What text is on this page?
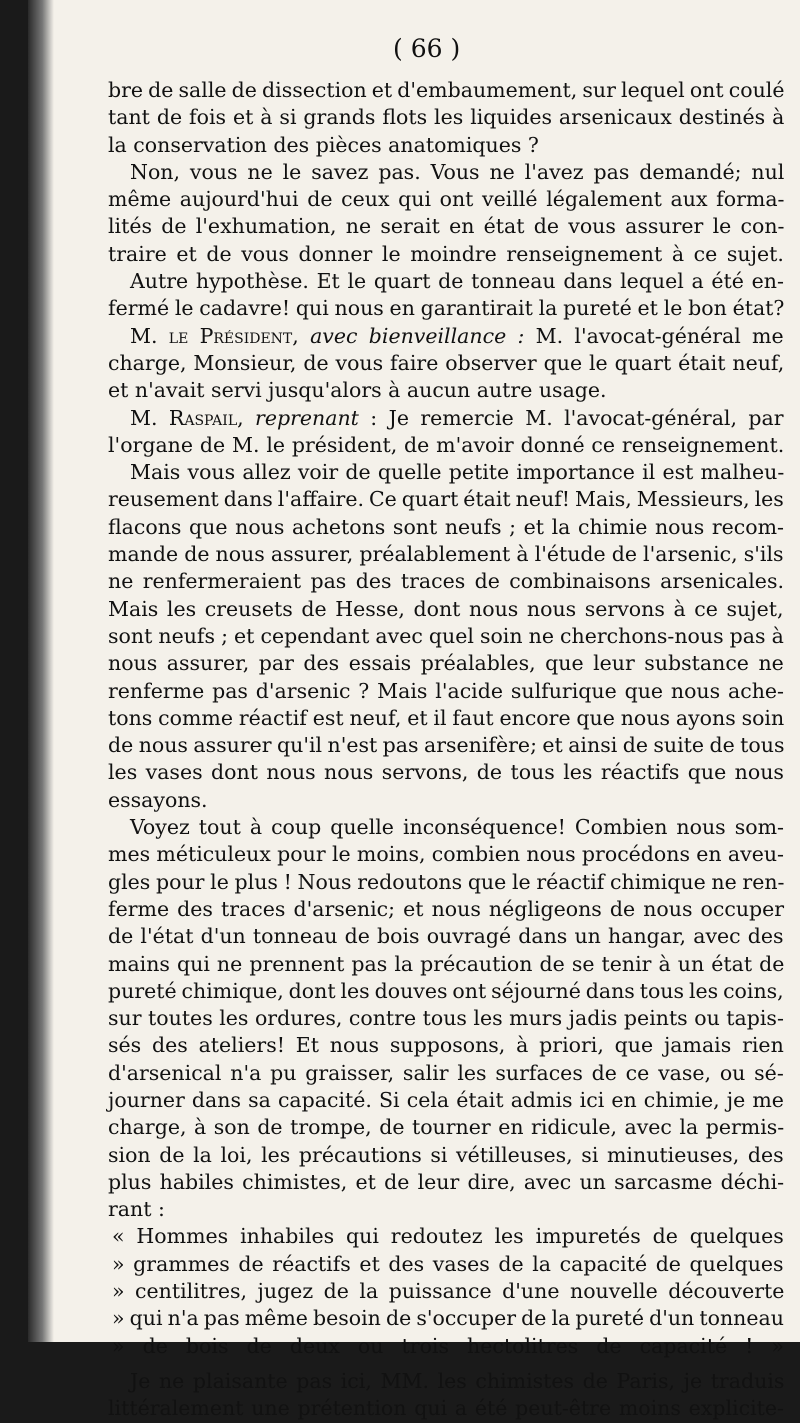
( 66 )
bre de salle de dissection et d'embaumement, sur lequel ont coulé
tant de fois et à si grands flots les liquides arsenicaux destinés à
la conservation des pièces anatomiques ?
Non, vous ne le savez pas. Vous ne l'avez pas demandé; nul
même aujourd'hui de ceux qui ont veillé légalement aux forma-
lités de l'exhumation, ne serait en état de vous assurer le con-
traire et de vous donner le moindre renseignement à ce sujet.
Autre hypothèse. Et le quart de tonneau dans lequel a été en-
fermé le cadavre! qui nous en garantirait la pureté et le bon état?
M. le Président, avec bienveillance : M. l'avocat-général me
charge, Monsieur, de vous faire observer que le quart était neuf,
et n'avait servi jusqu'alors à aucun autre usage.
M. Raspail, reprenant : Je remercie M. l'avocat-général, par
l'organe de M. le président, de m'avoir donné ce renseignement.
Mais vous allez voir de quelle petite importance il est malheu-
reusement dans l'affaire. Ce quart était neuf! Mais, Messieurs, les
flacons que nous achetons sont neufs ; et la chimie nous recom-
mande de nous assurer, préalablement à l'étude de l'arsenic, s'ils
ne renfermeraient pas des traces de combinaisons arsenicales.
Mais les creusets de Hesse, dont nous nous servons à ce sujet,
sont neufs ; et cependant avec quel soin ne cherchons-nous pas à
nous assurer, par des essais préalables, que leur substance ne
renferme pas d'arsenic ? Mais l'acide sulfurique que nous ache-
tons comme réactif est neuf, et il faut encore que nous ayons soin
de nous assurer qu'il n'est pas arsenifère; et ainsi de suite de tous
les vases dont nous nous servons, de tous les réactifs que nous
essayons.
Voyez tout à coup quelle inconséquence! Combien nous som-
mes méticuleux pour le moins, combien nous procédons en aveu-
gles pour le plus ! Nous redoutons que le réactif chimique ne ren-
ferme des traces d'arsenic; et nous négligeons de nous occuper
de l'état d'un tonneau de bois ouvragé dans un hangar, avec des
mains qui ne prennent pas la précaution de se tenir à un état de
pureté chimique, dont les douves ont séjourné dans tous les coins,
sur toutes les ordures, contre tous les murs jadis peints ou tapis-
sés des ateliers! Et nous supposons, à priori, que jamais rien
d'arsenical n'a pu graisser, salir les surfaces de ce vase, ou sé-
journer dans sa capacité. Si cela était admis ici en chimie, je me
charge, à son de trompe, de tourner en ridicule, avec la permis-
sion de la loi, les précautions si vétilleuses, si minutieuses, des
plus habiles chimistes, et de leur dire, avec un sarcasme déchi-
rant :
« Hommes inhabiles qui redoutez les impuretés de quelques
» grammes de réactifs et des vases de la capacité de quelques
» centilitres, jugez de la puissance d'une nouvelle découverte
» qui n'a pas même besoin de s'occuper de la pureté d'un tonneau
» de bois de deux ou trois hectolitres de capacité ! »
Je ne plaisante pas ici, MM. les chimistes de Paris, je traduis
littéralement une prétention qui a été peut-être moins explicite-
